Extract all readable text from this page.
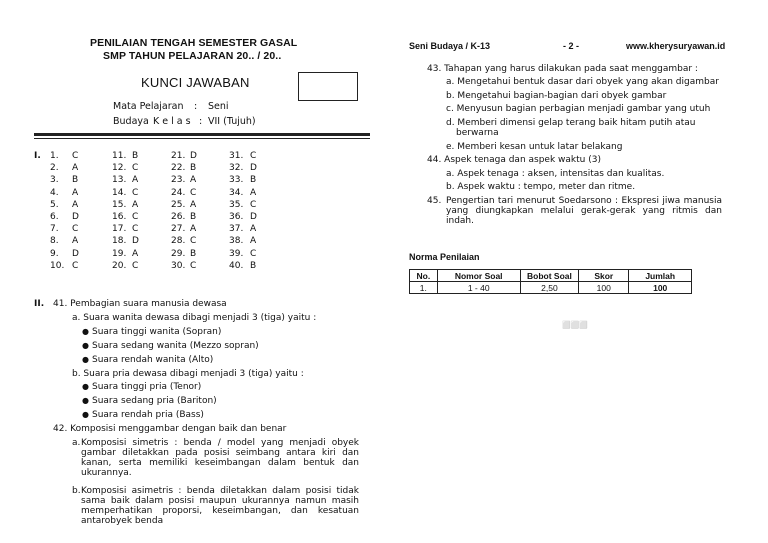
PENILAIAN TENGAH SEMESTER GASAL
SMP TAHUN PELAJARAN 20.. / 20..
KUNCI JAWABAN
Mata Pelajaran : Seni
Budaya K e l a s : VII (Tujuh)
I. 1. C
2. A
3. B
4. A
5. A
6. D
7. C
8. A
9. D
10. C
11. B
12. C
13. A
14. C
15. A
16. C
17. C
18. D
19. A
20. C
21. D
22. B
23. A
24. C
25. A
26. B
27. A
28. C
29. B
30. C
31. C
32. D
33. B
34. A
35. C
36. D
37. A
38. A
39. C
40. B
II. 41. Pembagian suara manusia dewasa
a. Suara wanita dewasa dibagi menjadi 3 (tiga) yaitu :
● Suara tinggi wanita (Sopran)
● Suara sedang wanita (Mezzo sopran)
● Suara rendah wanita (Alto)
b. Suara pria dewasa dibagi menjadi 3 (tiga) yaitu :
● Suara tinggi pria (Tenor)
● Suara sedang pria (Bariton)
● Suara rendah pria (Bass)
42. Komposisi menggambar dengan baik dan benar
a. Komposisi simetris : benda / model yang menjadi obyek gambar diletakkan pada posisi seimbang antara kiri dan kanan, serta memiliki keseimbangan dalam bentuk dan ukurannya.
b. Komposisi asimetris : benda diletakkan dalam posisi tidak sama baik dalam posisi maupun ukurannya namun masih memperhatikan proporsi, keseimbangan, dan kesatuan antarobyek benda
Seni Budaya / K-13	- 2 -	www.kherysuryawan.id
43. Tahapan yang harus dilakukan pada saat menggambar :
a. Mengetahui bentuk dasar dari obyek yang akan digambar
b. Mengetahui bagian-bagian dari obyek gambar
c. Menyusun bagian perbagian menjadi gambar yang utuh
d. Memberi dimensi gelap terang baik hitam putih atau
berwarna
e. Memberi kesan untuk latar belakang
44. Aspek tenaga dan aspek waktu (3)
a. Aspek tenaga : aksen, intensitas dan kualitas.
b. Aspek waktu : tempo, meter dan ritme.
45. Pengertian tari menurut Soedarsono : Ekspresi jiwa manusia yang diungkapkan melalui gerak-gerak yang ritmis dan indah.
Norma Penilaian
No.	Nomor Soal	Bobot Soal	Skor	Jumlah
1.	1 - 40	2,50	100	100
⬜⬜⬜
